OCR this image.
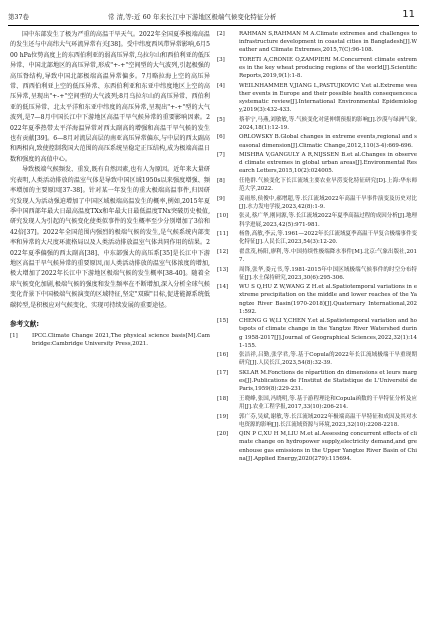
第37卷	常 清,等:近 60 年来长江中下游地区极端气候变化特征分析	11

国中东部发生了极为严重的高温干旱天气。2022年全国夏季极端高温的发生还与中高纬大气环流异常有关[38]。受中纬度西风带异常影响,6月500 hPa位势高度上的东西伯利亚的弱高压异常,乌拉尔山和西伯利亚的低压异常、中国北部地区的高压异常,形成"+-+"空间型的大气波列,引起极强的高压脊结构,导致中国北部极端高温异常偏多。7月略拉海上空的高压异常、西西伯利亚上空的低压异常、东西伯利亚和东亚中纬度地区上空的高压异常,呈现出"+-+"空间型的大气波列;8月乌拉尔山的高压异常、西伯利亚的低压异常、北太平洋和东亚中纬度的高压异常,呈现出"+-+"型的大气波列,是7—8月中国长江中下游地区高温干旱气候异常的重要影响因素。2022年夏季热带太平洋海温异常对西太副高的增强和高温干旱气候的发生也有贡献[39]。6—8月对流层高层的南亚高压异常偏东,与中层的西太副高和两相向,致使控制我国大范围的高压系统呈稳定正压结构,成为极端高温日数和强度的高值中心。

导致极端气候频发、重发,既有自然因素,也有人为原因。近年来大量研究表明,人类活动排放的温室气体是导致中国区域1950s以来强度增强、频率增加的主要原因[37-38]。针对某一年发生的重大极端高温事件,归因研究发现人为活动强迫增加了中国区域极端高温发生的概率,例如,2015年夏季中国西部年最大日最高温度TXx和年最大日最低温度TNx突破历史极值,研究发现人为引起的气候变化使类似事件的发生概率至少分别增加了3倍和42倍[37]。2022年全国范围内强烈的极端气候的发生,是气候系统内部变率和异常的大尺度环流格局以及人类活动排放温室气体共同作用的结果。2022年夏季偏强的西太副高[38]、中东部强大的高压系[35]是长江中下游地区高温干旱气候异常的重要原因,而人类活动排放的温室气体浓度的增加,极大增加了2022年长江中下游地区极端气候的发生概率[38-40]。随着全球气候变化加剧,极端气候的强度和发生频率在不断增加,深入分析全球气候变化背景下中国极端气候演变的区域特征,坚定"双碳"目标,促进能源系统低碳转型,是积极应对气候变化、实现可持续发展的重要途径。

参考文献:
[1]	IPCC.Climate Change 2021,The physical science basis[M].Cambridge:Cambridge University Press,2021.
[2]	RAHMAN S,RAHMAN M A.Climate extremes and challenges to infrastructure development in coastal cities in Bangladesh[J].Weather and Climate Extremes,2015,7(C):96-108.
[3]	TORETI A,CRONIE O,ZAMPIERI M.Concurrent climate extremes in the key wheat producing regions of the world[J].Scientific Reports,2019,9(1):1-8.
[4]	WEILNHAMMER V,JIANG L,PASTUJKOVIC V.et al.Extreme weather events in Europe and their possible health consequences:a systematic review[J].International Environmental Epidemiology,2019(3):432-433.
[5]	蔡菲宁,马燕,刘敏敏,等.气候变化对延伸期预报的影响[J].沙漠与绿洲气象,2024,18(1):12-19.
[6]	ORLOWSKY B.Global changes in extreme events,regional and seasonal dimension[J].Climatic Change,2012,110(3-4):669-696.
[7]	MISHRA V,GANGULY A R,NIJSSEN B.et al.Changes in observed climate extremes in global urban areas[J].Environmental Research Letters,2015,10(2):024005.
[8]	任艳群.气候变化下长江流域主要农业旱涝变化特征研究[D].上海:华东师范大学,2022.
[9]	姜雨彤,侯俊中,郝增超,等.长江流域2022年高温干旱事件演变及历史对比[J].水力发电学报,2023,42(8):1-9.
[10]	张灵,蔡广华,刚同源,等.长江流域2022年夏季高温过程的成因分析[J].地理科学进展,2023,42(5):971-981.
[11]	杨鲁,高敏,李云,等.1961—2022年长江流域夏季高温干旱复合极端事件变化特征[J].人民长江,2023,54(3):12-20.
[12]	翟盘茂,杨阳,廖利,等.中国持续性极端降水事件[M].北京:气象出版社,2017.
[13]	周锋,张华,娄元书,等.1981-2015年中国区域极端气候事件的时空分布特征[J].水土保持研究,2023,30(6):295-306.
[14]	WU S Q,HU Z W,WANG Z H.et al.Spatiotemporal variations in extreme precipitation on the middle and lower reaches of the Yangtze River Basin(1970-2018)[J].Quaternary International,2021:592.
[15]	CHENG G W,LI Y,CHEN Y.et al.Spatiotemporal variation and hotspots of climate change in the Yangtze River Watershed during 1958-2017[J].Journal of Geographical Sciences,2022,32(1):141-155.
[16]	张洁祥,吕勤,张学君,等.基于Copula的2022年长江流域极端干旱重现期研究[J].人民长江,2023,54(8):32-39.
[17]	SKLAR M.Fonctions de répartition dn dimensions et leurs marges[J].Publications de l'Institut de Statistique de L'Université de Paris,1959(8):229-231.
[18]	王晓峰,张国,冯晓明,等.基于游程理论和Copula函数的干旱特征分析及应用[J].农业工程学报,2017,33(10):206-214.
[19]	郭广芬,吴斌,谢敏,等.长江流域2022年极端高温干旱特征和成因及其对水电资源的影响[J].长江流域资源与环境,2023,32(10):2208-2218.
[20]	QIN P C,XU H M,LIU M.et al.Assessing concurrent effects of climate change on hydropower supply,electricity demand,and greenhouse gas emissions in the Upper Yangtze River Basin of China[J].Applied Energy,2020(279):115694.
